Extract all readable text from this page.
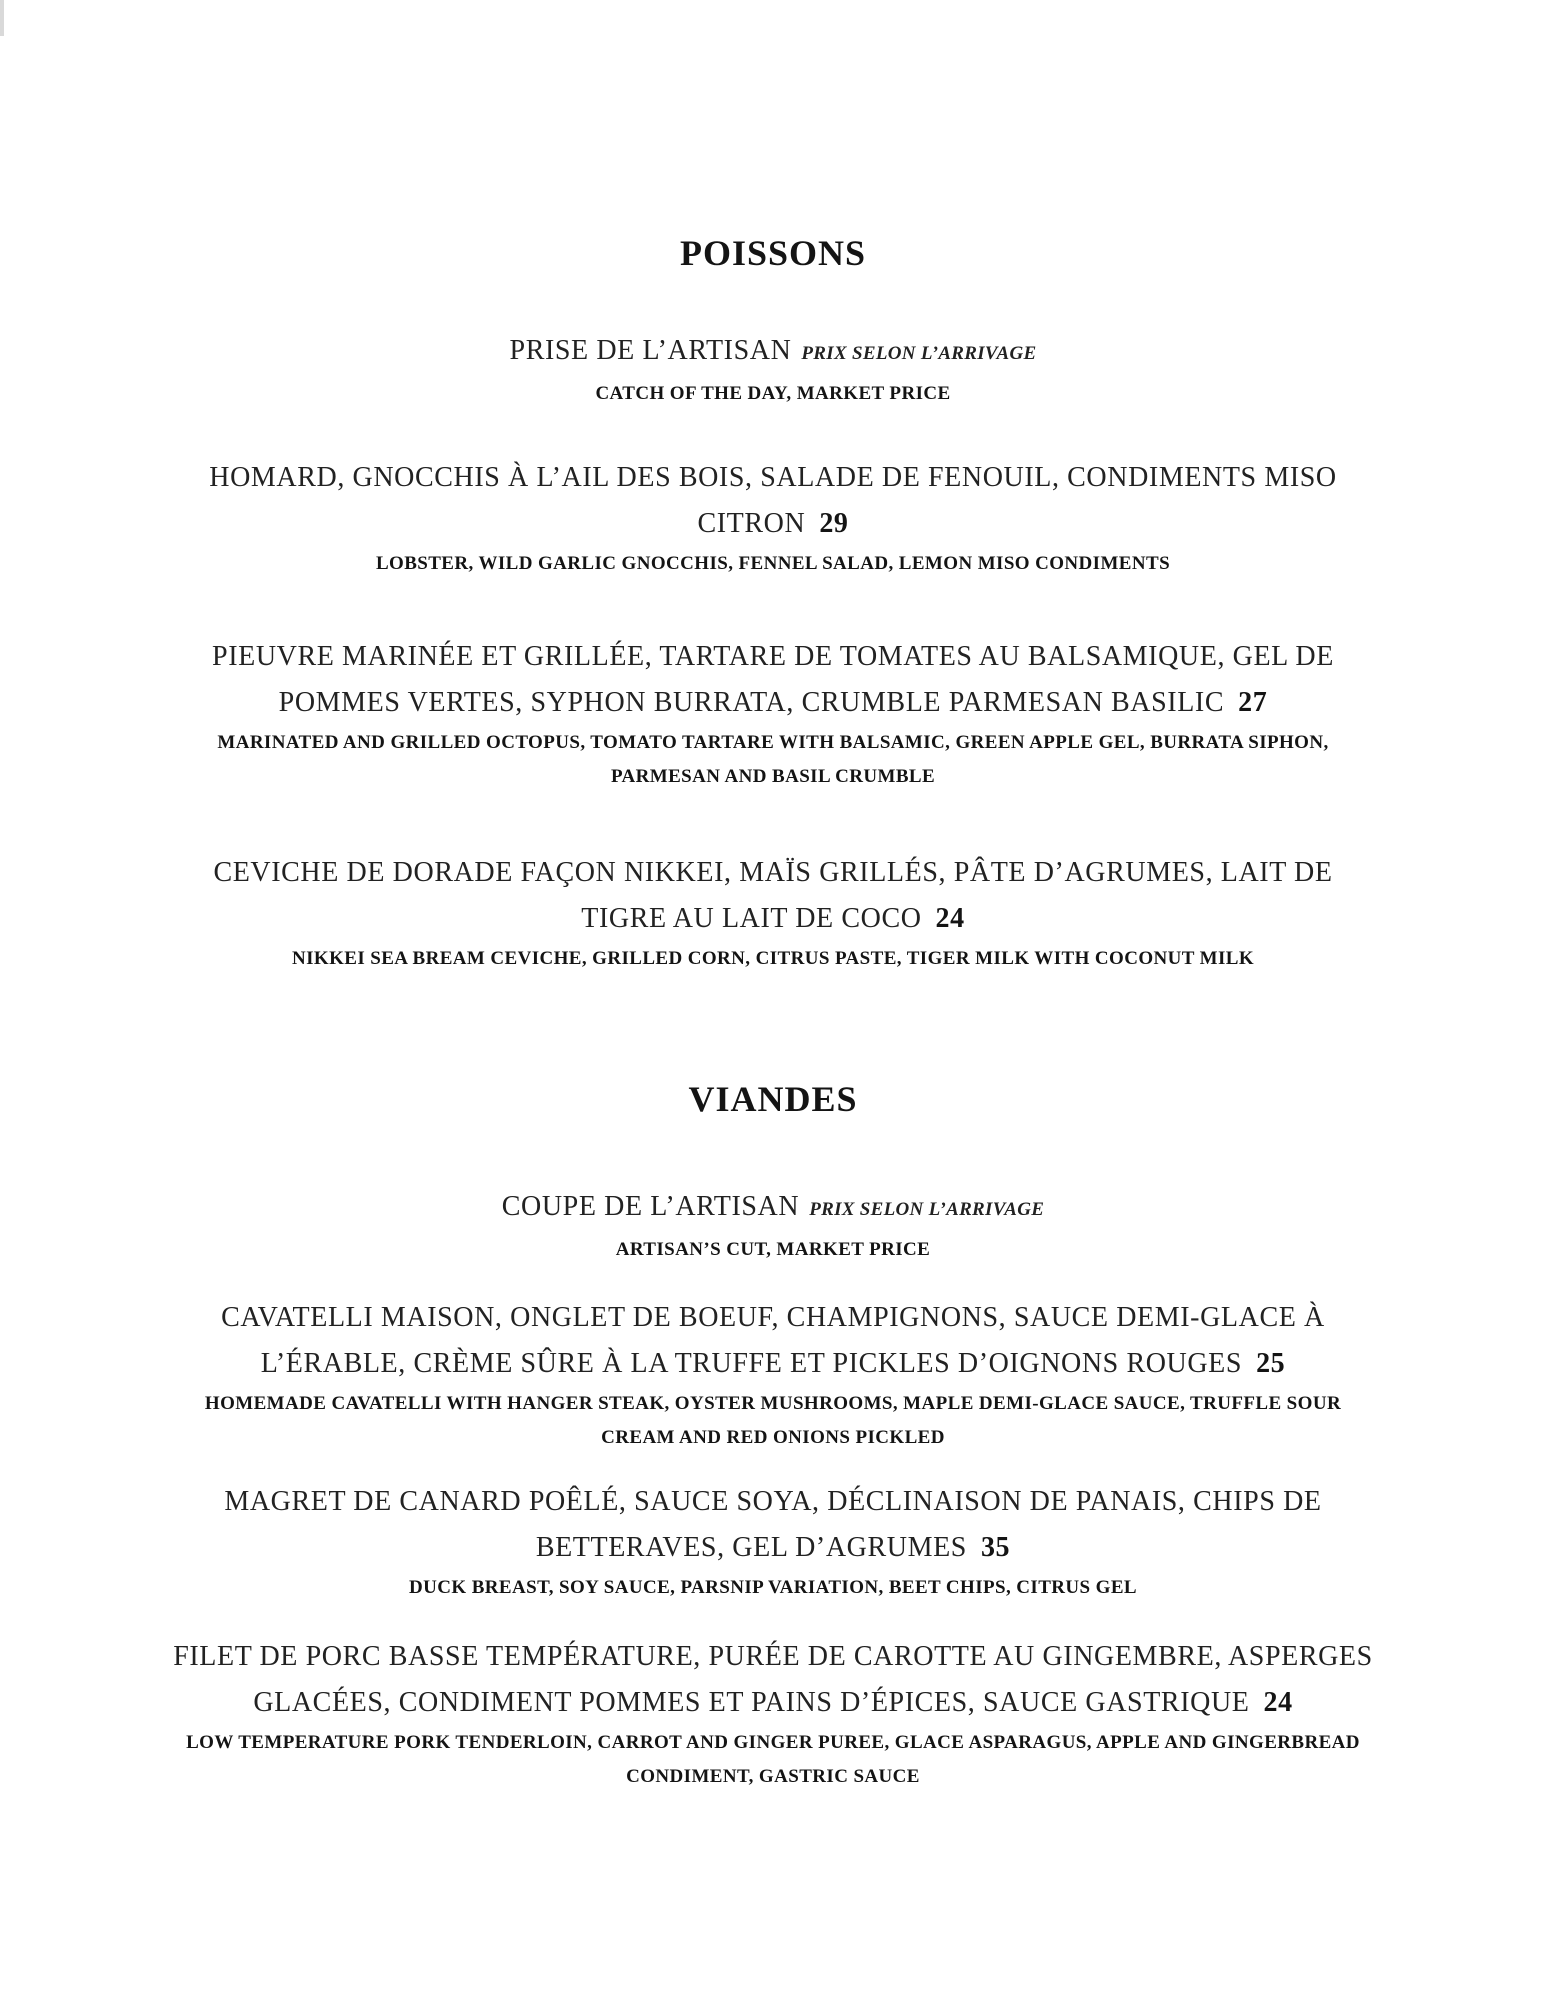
POISSONS
PRISE DE L’ARTISAN PRIX SELON L’ARRIVAGE
CATCH OF THE DAY, MARKET PRICE
HOMARD, GNOCCHIS À L’AIL DES BOIS, SALADE DE FENOUIL, CONDIMENTS MISO CITRON 29
LOBSTER, WILD GARLIC GNOCCHIS, FENNEL SALAD, LEMON MISO CONDIMENTS
PIEUVRE MARINÉE ET GRILLÉE, TARTARE DE TOMATES AU BALSAMIQUE, GEL DE POMMES VERTES, SYPHON BURRATA, CRUMBLE PARMESAN BASILIC 27
MARINATED AND GRILLED OCTOPUS, TOMATO TARTARE WITH BALSAMIC, GREEN APPLE GEL, BURRATA SIPHON, PARMESAN AND BASIL CRUMBLE
CEVICHE DE DORADE FAÇON NIKKEI, MAÏS GRILLÉS, PÂTE D’AGRUMES, LAIT DE TIGRE AU LAIT DE COCO 24
NIKKEI SEA BREAM CEVICHE, GRILLED CORN, CITRUS PASTE, TIGER MILK WITH COCONUT MILK
VIANDES
COUPE DE L’ARTISAN PRIX SELON L’ARRIVAGE
ARTISAN’S CUT, MARKET PRICE
CAVATELLI MAISON, ONGLET DE BOEUF, CHAMPIGNONS, SAUCE DEMI-GLACE À L’ÉRABLE, CRÈME SÛRE À LA TRUFFE ET PICKLES D’OIGNONS ROUGES 25
HOMEMADE CAVATELLI WITH HANGER STEAK, OYSTER MUSHROOMS, MAPLE DEMI-GLACE SAUCE, TRUFFLE SOUR CREAM AND RED ONIONS PICKLED
MAGRET DE CANARD POÊLÉ, SAUCE SOYA, DÉCLINAISON DE PANAIS, CHIPS DE BETTERAVES, GEL D’AGRUMES 35
DUCK BREAST, SOY SAUCE, PARSNIP VARIATION, BEET CHIPS, CITRUS GEL
FILET DE PORC BASSE TEMPÉRATURE, PURÉE DE CAROTTE AU GINGEMBRE, ASPERGES GLACÉES, CONDIMENT POMMES ET PAINS D’ÉPICES, SAUCE GASTRIQUE 24
LOW TEMPERATURE PORK TENDERLOIN, CARROT AND GINGER PUREE, GLACE ASPARAGUS, APPLE AND GINGERBREAD CONDIMENT, GASTRIC SAUCE
